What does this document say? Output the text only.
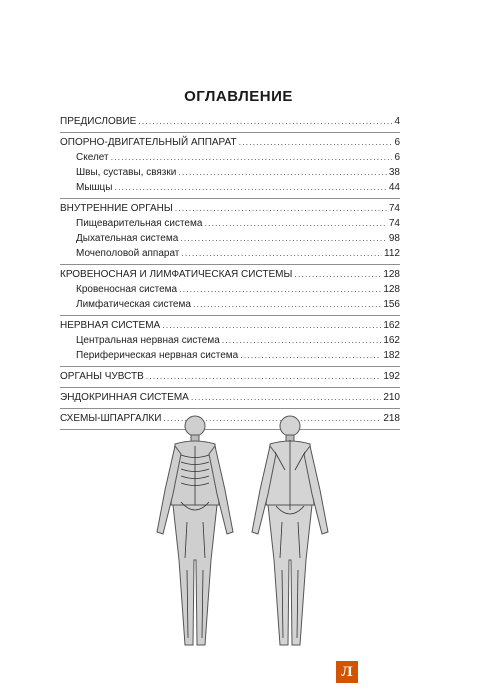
ОГЛАВЛЕНИЕ
ПРЕДИСЛОВИЕ .....	4
ОПОРНО-ДВИГАТЕЛЬНЫЙ АППАРАТ .....	6
Скелет .....	6
Швы, суставы, связки .....	38
Мышцы .....	44
ВНУТРЕННИЕ ОРГАНЫ .....	74
Пищеварительная система .....	74
Дыхательная система .....	98
Мочеполовой аппарат .....	112
КРОВЕНОСНАЯ И ЛИМФАТИЧЕСКАЯ СИСТЕМЫ .....	128
Кровеносная система .....	128
Лимфатическая система .....	156
НЕРВНАЯ СИСТЕМА .....	162
Центральная нервная система .....	162
Периферическая нервная система .....	182
ОРГАНЫ ЧУВСТВ .....	192
ЭНДОКРИННАЯ СИСТЕМА .....	210
СХЕМЫ-ШПАРГАЛКИ .....	218
Л
